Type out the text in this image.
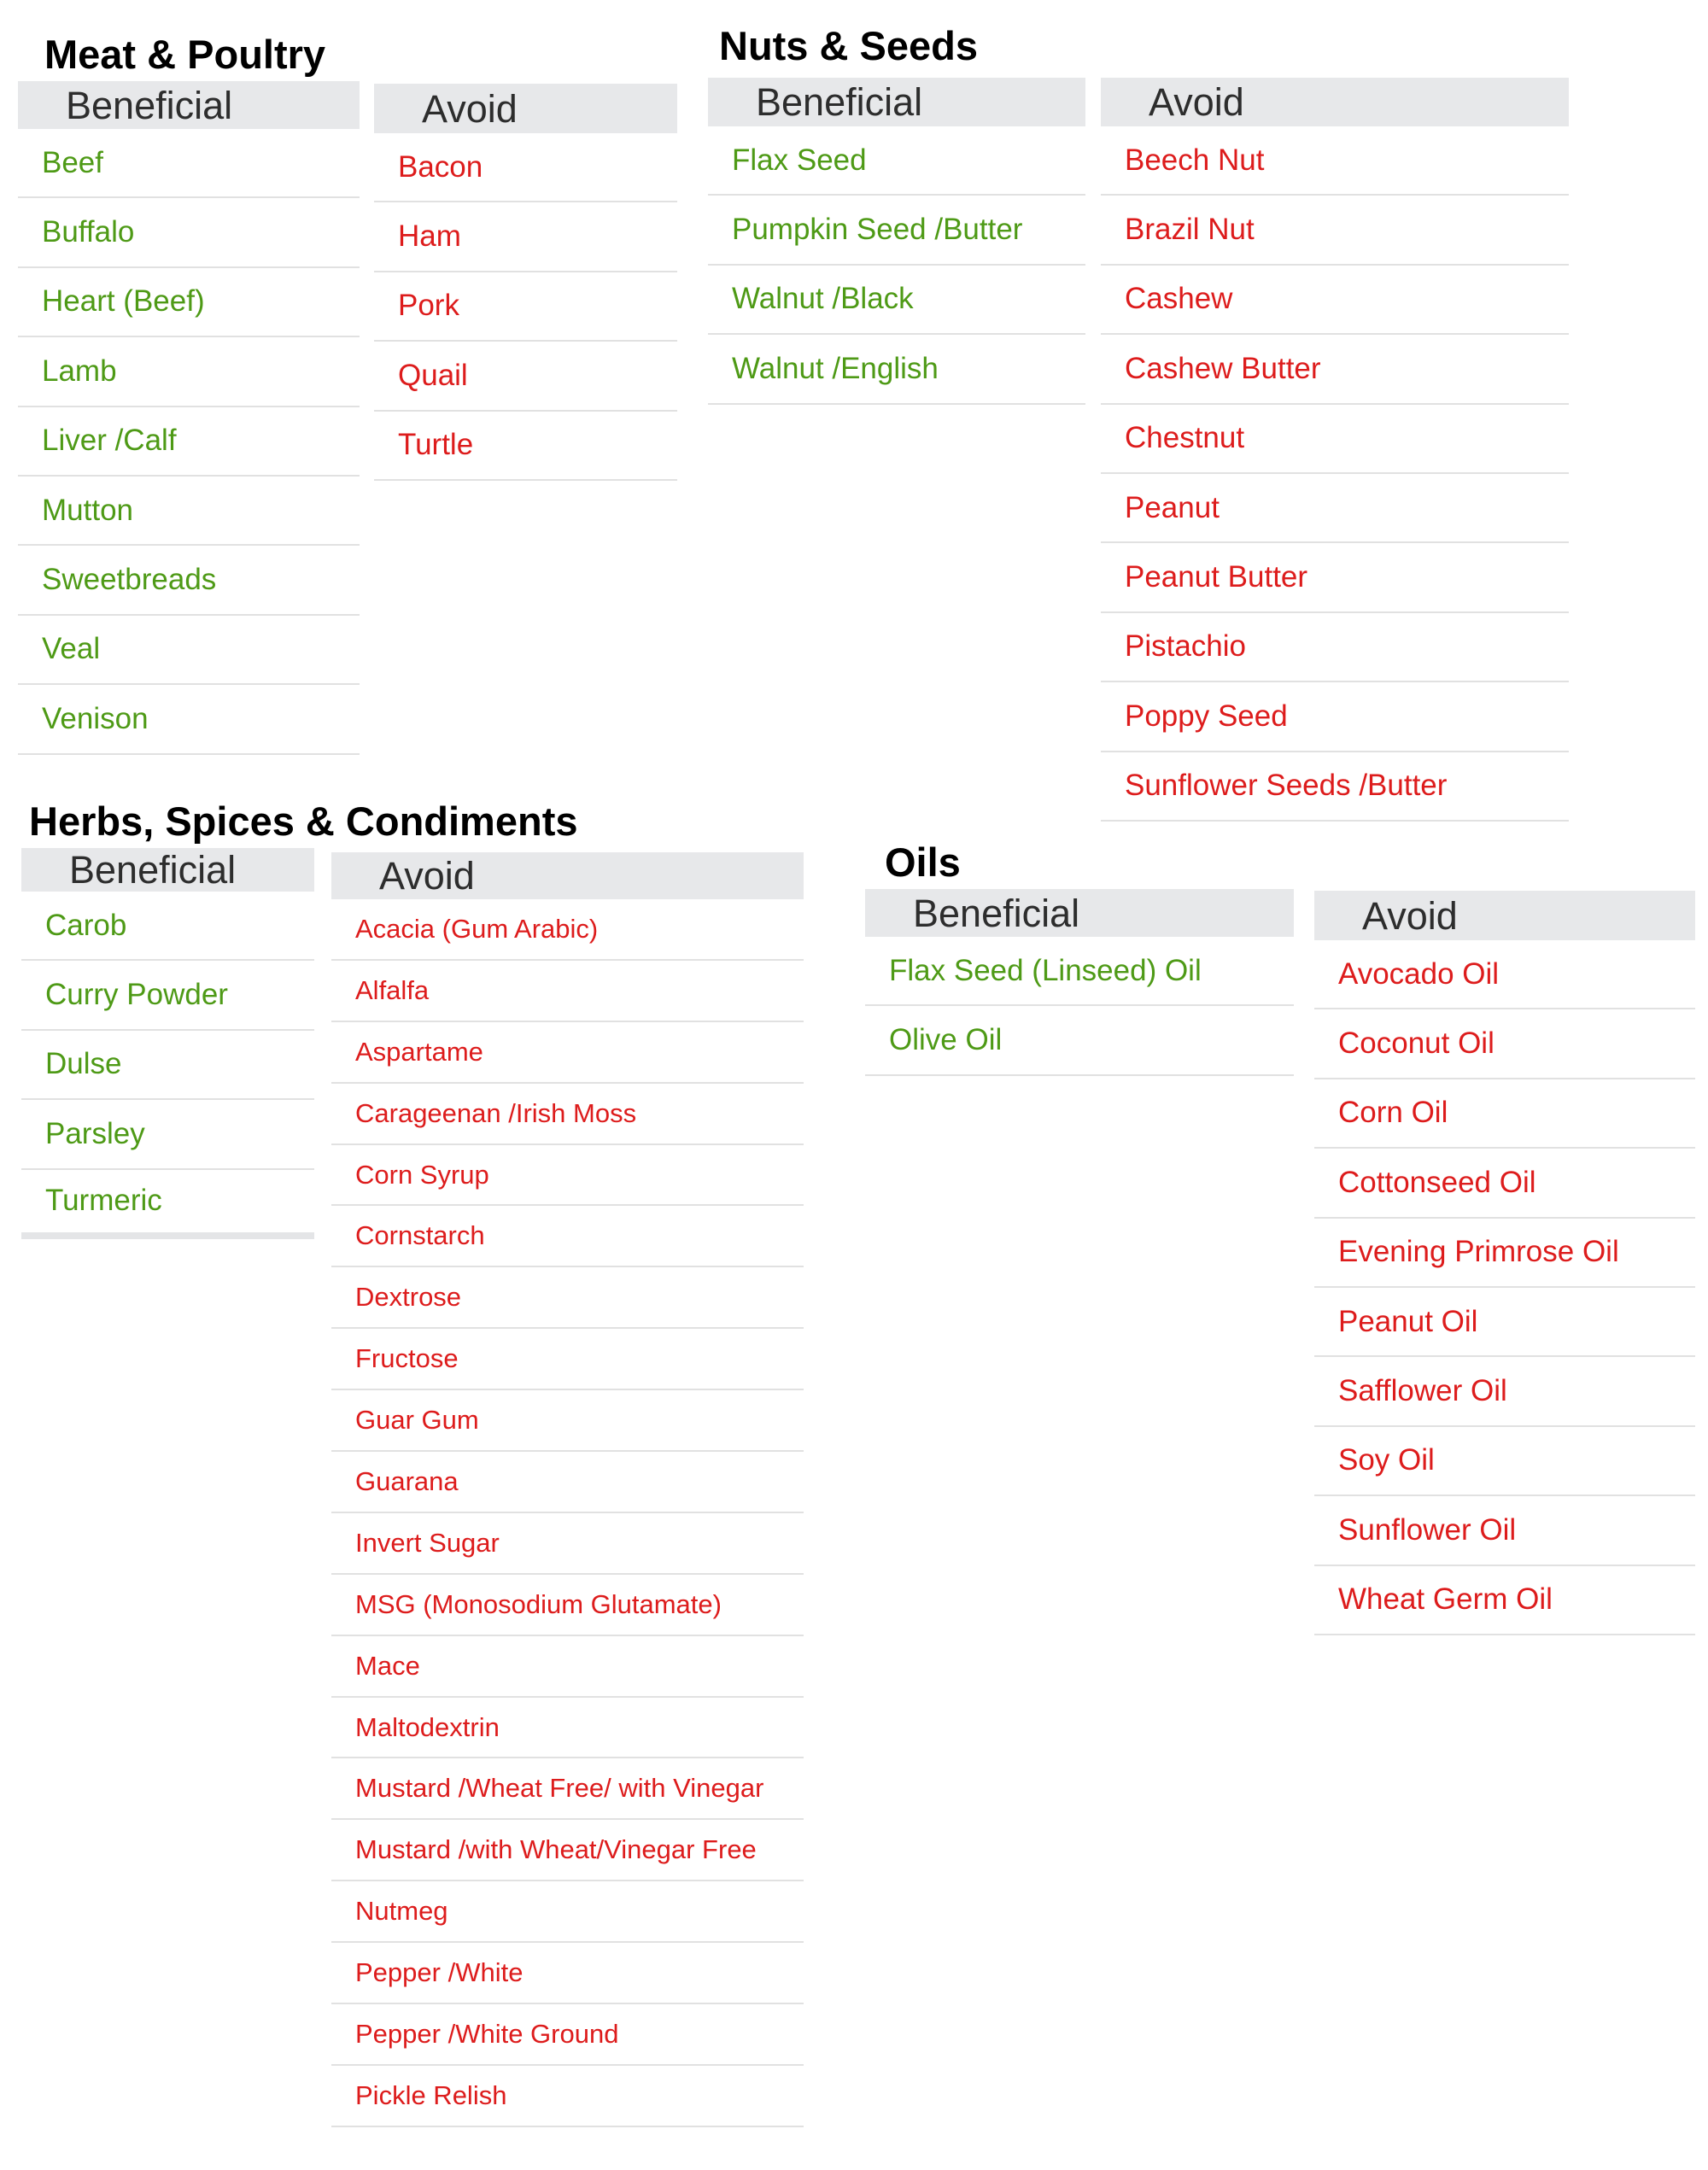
Meat & Poultry
Beneficial
Beef
Buffalo
Heart (Beef)
Lamb
Liver /Calf
Mutton
Sweetbreads
Veal
Venison
Avoid
Bacon
Ham
Pork
Quail
Turtle
Nuts & Seeds
Beneficial
Flax Seed
Pumpkin Seed /Butter
Walnut /Black
Walnut /English
Avoid
Beech Nut
Brazil Nut
Cashew
Cashew Butter
Chestnut
Peanut
Peanut Butter
Pistachio
Poppy Seed
Sunflower Seeds /Butter
Herbs, Spices & Condiments
Beneficial
Carob
Curry Powder
Dulse
Parsley
Turmeric
Avoid
Acacia (Gum Arabic)
Alfalfa
Aspartame
Carageenan /Irish Moss
Corn Syrup
Cornstarch
Dextrose
Fructose
Guar Gum
Guarana
Invert Sugar
MSG (Monosodium Glutamate)
Mace
Maltodextrin
Mustard /Wheat Free/ with Vinegar
Mustard /with Wheat/Vinegar Free
Nutmeg
Pepper /White
Pepper /White Ground
Pickle Relish
Oils
Beneficial
Flax Seed (Linseed) Oil
Olive Oil
Avoid
Avocado Oil
Coconut Oil
Corn Oil
Cottonseed Oil
Evening Primrose Oil
Peanut Oil
Safflower Oil
Soy Oil
Sunflower Oil
Wheat Germ Oil
